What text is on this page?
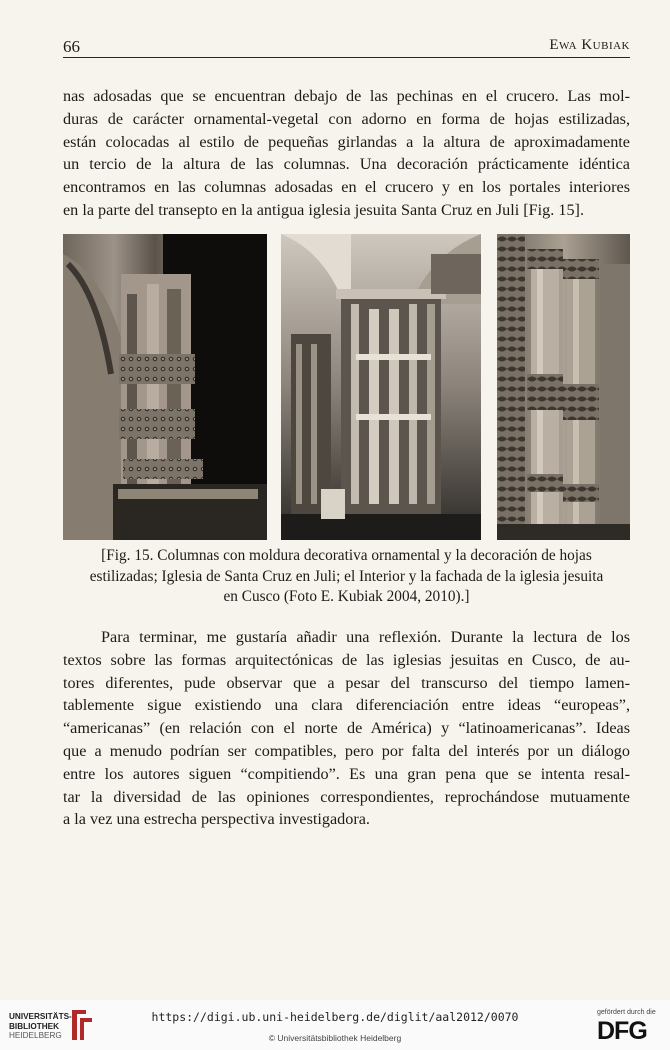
66	Ewa Kubiak

nas adosadas que se encuentran debajo de las pechinas en el crucero. Las mol-
duras de carácter ornamental-vegetal con adorno en forma de hojas estilizadas,
están colocadas al estilo de pequeñas girlandas a la altura de aproximadamente
un tercio de la altura de las columnas. Una decoración prácticamente idéntica
encontramos en las columnas adosadas en el crucero y en los portales interiores
en la parte del transepto en la antigua iglesia jesuita Santa Cruz en Juli [Fig. 15].

[Fig. 15. Columnas con moldura decorativa ornamental y la decoración de hojas
estilizadas; Iglesia de Santa Cruz en Juli; el Interior y la fachada de la iglesia jesuita
en Cusco (Foto E. Kubiak 2004, 2010).]

Para terminar, me gustaría añadir una reflexión. Durante la lectura de los
textos sobre las formas arquitectónicas de las iglesias jesuitas en Cusco, de au-
tores diferentes, pude observar que a pesar del transcurso del tiempo lamen-
tablemente sigue existiendo una clara diferenciación entre ideas “europeas”,
“americanas” (en relación con el norte de América) y “latinoamericanas”. Ideas
que a menudo podrían ser compatibles, pero por falta del interés por un diálogo
entre los autores siguen “compitiendo”. Es una gran pena que se intenta resal-
tar la diversidad de las opiniones correspondientes, reprochándose mutuamente
a la vez una estrecha perspectiva investigadora.

UNIVERSITÄTS-
BIBLIOTHEK
HEIDELBERG
https://digi.ub.uni-heidelberg.de/diglit/aal2012/0070
© Universitätsbibliothek Heidelberg
gefördert durch die
DFG
